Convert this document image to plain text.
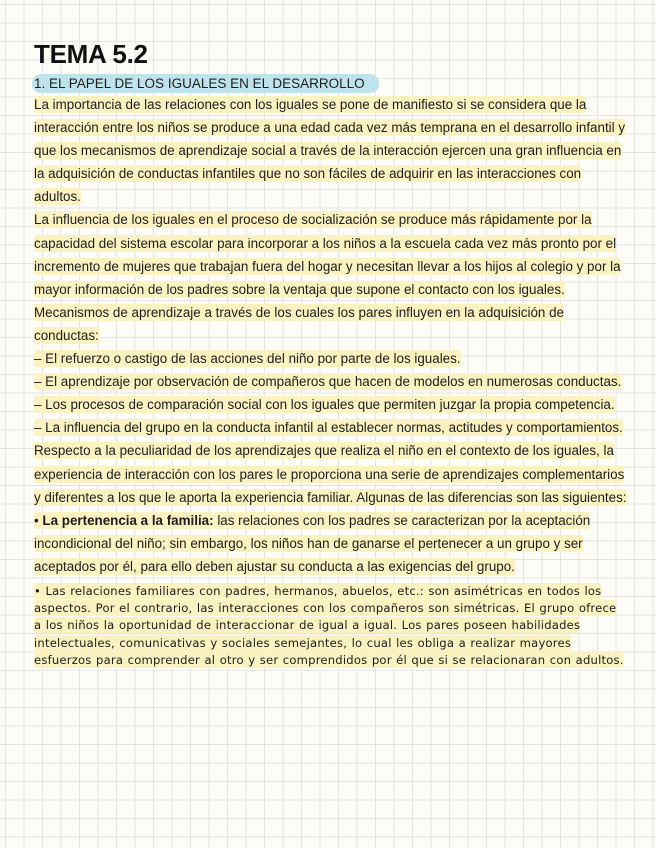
TEMA 5.2
1. EL PAPEL DE LOS IGUALES EN EL DESARROLLO

La importancia de las relaciones con los iguales se pone de manifiesto si se considera que la interacción entre los niños se produce a una edad cada vez más temprana en el desarrollo infantil y que los mecanismos de aprendizaje social a través de la interacción ejercen una gran influencia en la adquisición de conductas infantiles que no son fáciles de adquirir en las interacciones con adultos.

La influencia de los iguales en el proceso de socialización se produce más rápidamente por la capacidad del sistema escolar para incorporar a los niños a la escuela cada vez más pronto por el incremento de mujeres que trabajan fuera del hogar y necesitan llevar a los hijos al colegio y por la mayor información de los padres sobre la ventaja que supone el contacto con los iguales.

Mecanismos de aprendizaje a través de los cuales los pares influyen en la adquisición de conductas:

– El refuerzo o castigo de las acciones del niño por parte de los iguales.

– El aprendizaje por observación de compañeros que hacen de modelos en numerosas conductas.

– Los procesos de comparación social con los iguales que permiten juzgar la propia competencia.

– La influencia del grupo en la conducta infantil al establecer normas, actitudes y comportamientos.

Respecto a la peculiaridad de los aprendizajes que realiza el niño en el contexto de los iguales, la experiencia de interacción con los pares le proporciona una serie de aprendizajes complementarios y diferentes a los que le aporta la experiencia familiar. Algunas de las diferencias son las siguientes:

• La pertenencia a la familia: las relaciones con los padres se caracterizan por la aceptación incondicional del niño; sin embargo, los niños han de ganarse el pertenecer a un grupo y ser aceptados por él, para ello deben ajustar su conducta a las exigencias del grupo.

• Las relaciones familiares con padres, hermanos, abuelos, etc.: son asimétricas en todos los aspectos. Por el contrario, las interacciones con los compañeros son simétricas. El grupo ofrece a los niños la oportunidad de interaccionar de igual a igual. Los pares poseen habilidades intelectuales, comunicativas y sociales semejantes, lo cual les obliga a realizar mayores esfuerzos para comprender al otro y ser comprendidos por él que si se relacionaran con adultos.
